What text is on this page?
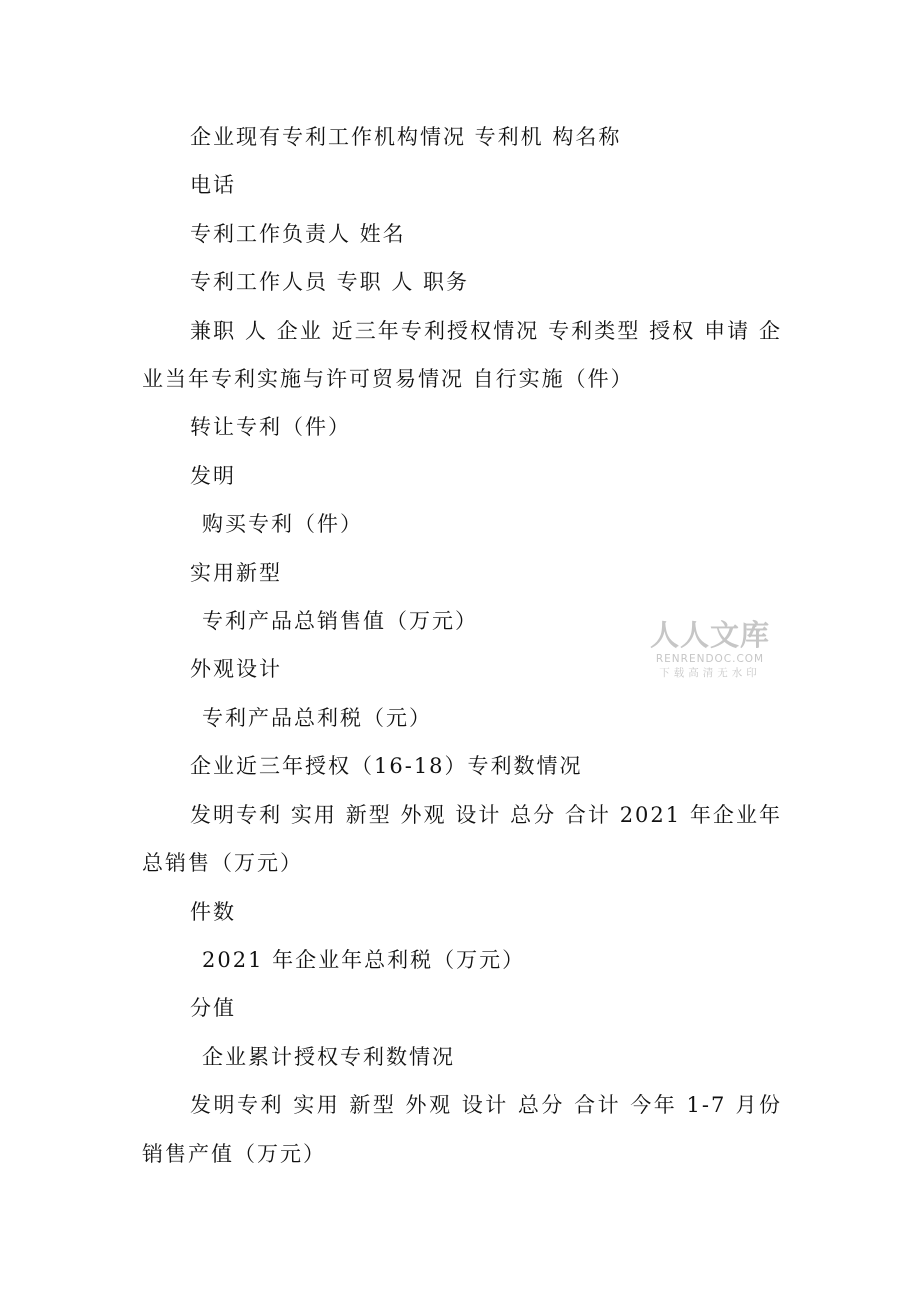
企业现有专利工作机构情况 专利机 构名称

电话

专利工作负责人 姓名

专利工作人员 专职 人 职务

兼职 人 企业 近三年专利授权情况 专利类型 授权 申请 企业当年专利实施与许可贸易情况 自行实施（件）

转让专利（件）

发明

购买专利（件）

实用新型

专利产品总销售值（万元）

外观设计

专利产品总利税（元）

企业近三年授权（16-18）专利数情况

发明专利 实用 新型 外观 设计 总分 合计 2021 年企业年总销售（万元）

件数

2021 年企业年总利税（万元）

分值

企业累计授权专利数情况

发明专利 实用 新型 外观 设计 总分 合计 今年 1-7 月份销售产值（万元）

人人文库
RENRENDOC.COM
下载高清无水印
